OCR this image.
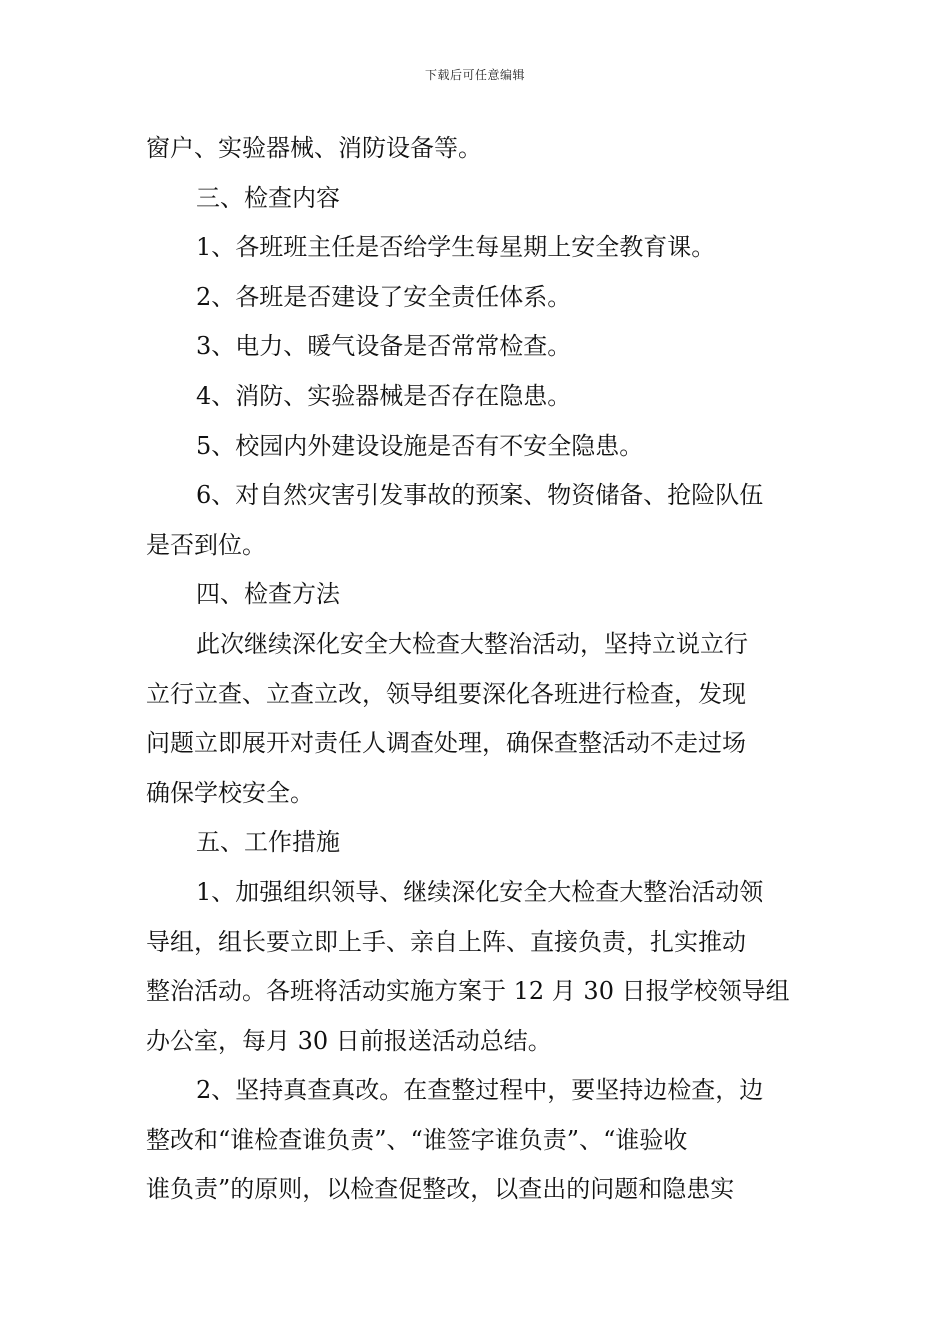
下载后可任意编辑
窗户、实验器械、消防设备等。
三、检查内容
1、各班班主任是否给学生每星期上安全教育课。
2、各班是否建设了安全责任体系。
3、电力、暖气设备是否常常检查。
4、消防、实验器械是否存在隐患。
5、校园内外建设设施是否有不安全隐患。
6、对自然灾害引发事故的预案、物资储备、抢险队伍
是否到位。
四、检查方法
此次继续深化安全大检查大整治活动，坚持立说立行
立行立查、立查立改，领导组要深化各班进行检查，发现
问题立即展开对责任人调查处理，确保查整活动不走过场
确保学校安全。
五、工作措施
1、加强组织领导、继续深化安全大检查大整治活动领
导组，组长要立即上手、亲自上阵、直接负责，扎实推动
整治活动。各班将活动实施方案于 12 月 30 日报学校领导组
办公室，每月 30 日前报送活动总结。
2、坚持真查真改。在查整过程中，要坚持边检查，边
整改和“谁检查谁负责”、“谁签字谁负责”、“谁验收
谁负责”的原则，以检查促整改，以查出的问题和隐患实
